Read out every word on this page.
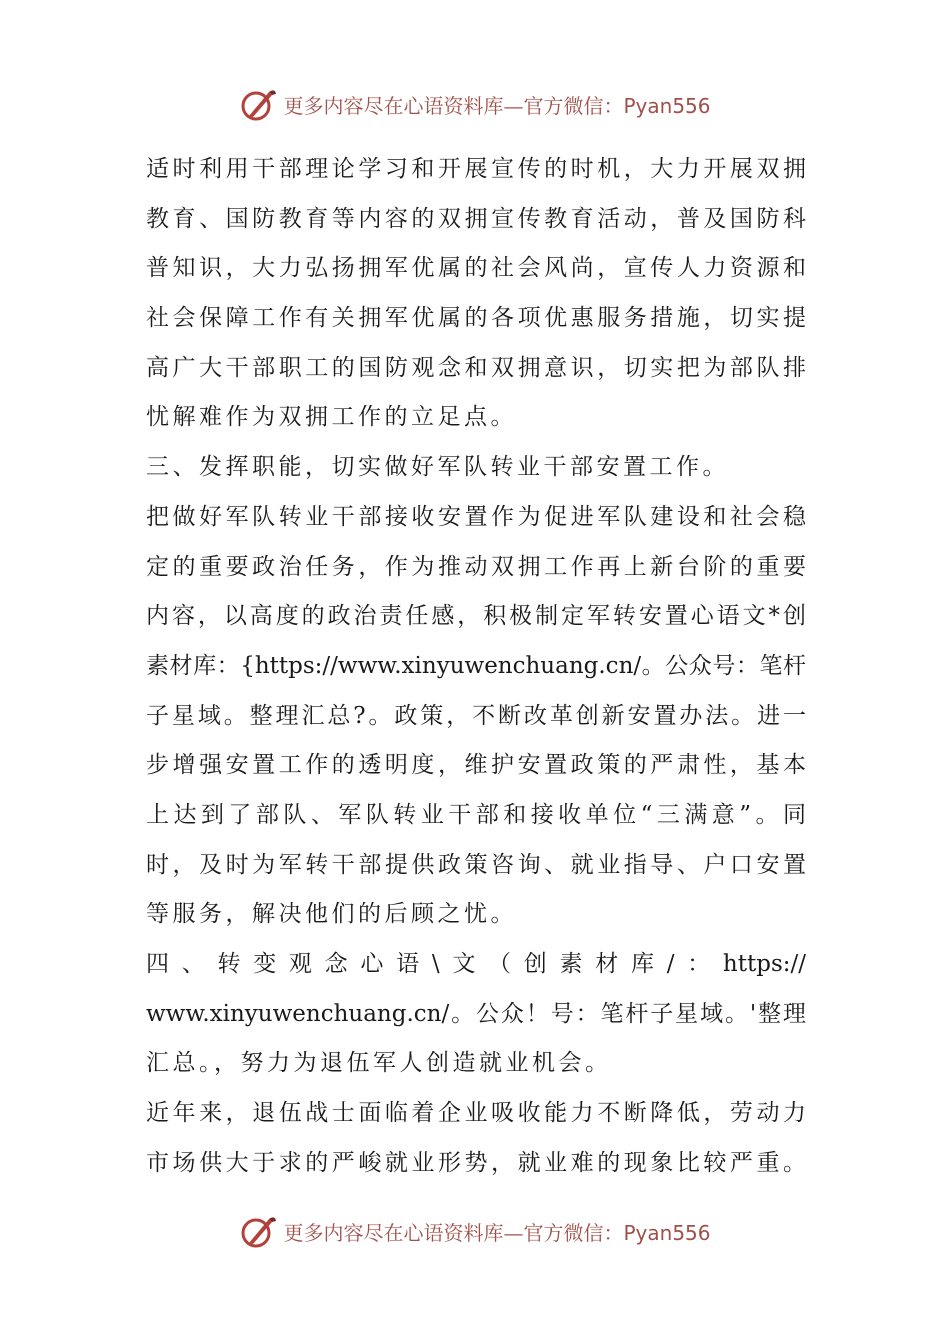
更多内容尽在心语资料库—官方微信：Pyan556
适时利用干部理论学习和开展宣传的时机，大力开展双拥
教育、国防教育等内容的双拥宣传教育活动，普及国防科
普知识，大力弘扬拥军优属的社会风尚，宣传人力资源和
社会保障工作有关拥军优属的各项优惠服务措施，切实提
高广大干部职工的国防观念和双拥意识，切实把为部队排
忧解难作为双拥工作的立足点。
三、发挥职能，切实做好军队转业干部安置工作。
把做好军队转业干部接收安置作为促进军队建设和社会稳
定的重要政治任务，作为推动双拥工作再上新台阶的重要
内容，以高度的政治责任感，积极制定军转安置心语文*创
素材库：{https://www.xinyuwenchuang.cn/。公众号：笔杆
子星域。整理汇总?。政策，不断改革创新安置办法。进一
步增强安置工作的透明度，维护安置政策的严肃性，基本
上达到了部队、军队转业干部和接收单位“三满意”。同
时，及时为军转干部提供政策咨询、就业指导、户口安置
等服务，解决他们的后顾之忧。
四、转变观念心语\文（创素材库/：https://
www.xinyuwenchuang.cn/。公众！号：笔杆子星域。'整理
汇总。，努力为退伍军人创造就业机会。
近年来，退伍战士面临着企业吸收能力不断降低，劳动力
市场供大于求的严峻就业形势，就业难的现象比较严重。
更多内容尽在心语资料库—官方微信：Pyan556
